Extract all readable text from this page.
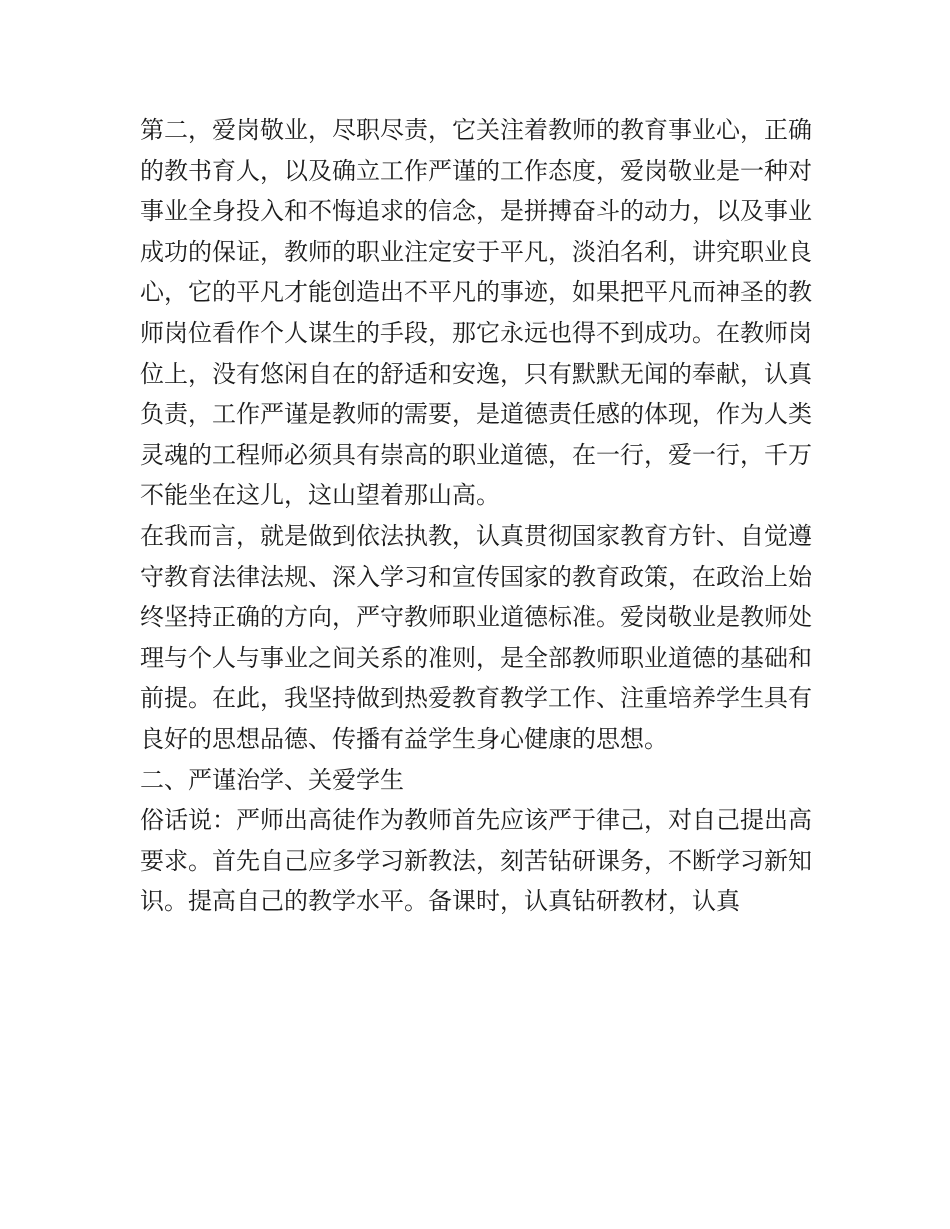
第二，爱岗敬业，尽职尽责，它关注着教师的教育事业心，正确的教书育人，以及确立工作严谨的工作态度，爱岗敬业是一种对事业全身投入和不悔追求的信念，是拼搏奋斗的动力，以及事业成功的保证，教师的职业注定安于平凡，淡泊名利，讲究职业良心，它的平凡才能创造出不平凡的事迹，如果把平凡而神圣的教师岗位看作个人谋生的手段，那它永远也得不到成功。在教师岗位上，没有悠闲自在的舒适和安逸，只有默默无闻的奉献，认真负责，工作严谨是教师的需要，是道德责任感的体现，作为人类灵魂的工程师必须具有崇高的职业道德，在一行，爱一行，千万不能坐在这儿，这山望着那山高。

在我而言，就是做到依法执教，认真贯彻国家教育方针、自觉遵守教育法律法规、深入学习和宣传国家的教育政策，在政治上始终坚持正确的方向，严守教师职业道德标准。爱岗敬业是教师处理与个人与事业之间关系的准则，是全部教师职业道德的基础和前提。在此，我坚持做到热爱教育教学工作、注重培养学生具有良好的思想品德、传播有益学生身心健康的思想。

二、严谨治学、关爱学生

俗话说：严师出高徒作为教师首先应该严于律己，对自己提出高要求。首先自己应多学习新教法，刻苦钻研课务，不断学习新知识。提高自己的教学水平。备课时，认真钻研教材，认真
